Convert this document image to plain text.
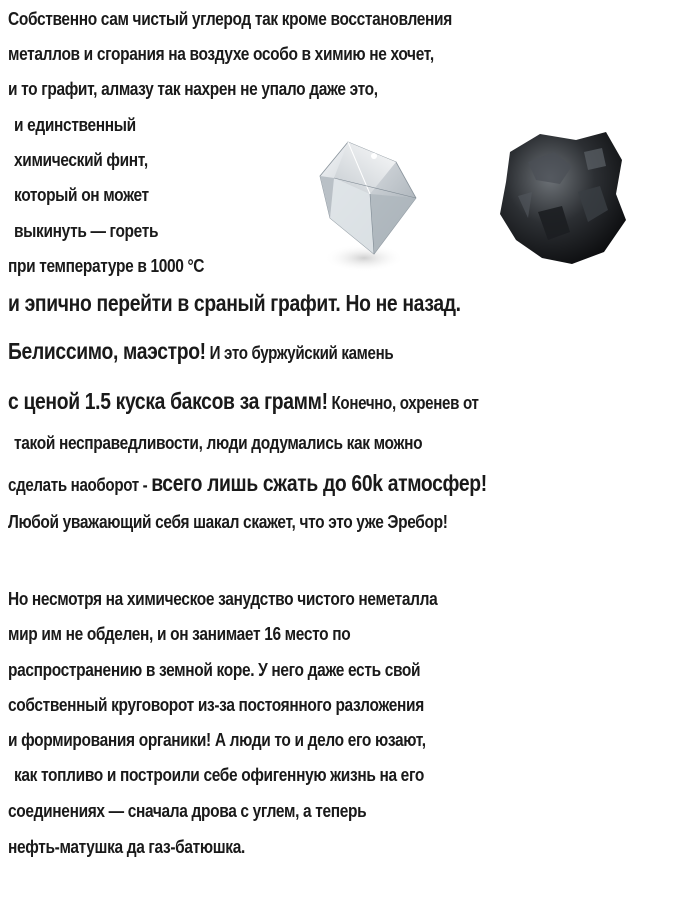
Собственно сам чистый углерод так кроме восстановления
металлов и сгорания на воздухе особо в химию не хочет,
и то графит, алмазу так нахрен не упало даже это,
и единственный
химический финт,
который он может
выкинуть — гореть
при температуре в 1000 °C
и эпично перейти в сраный графит. Но не назад.
Белиссимо, маэстро! И это буржуйский камень
с ценой 1.5 куска баксов за грамм! Конечно, охренев от
такой несправедливости, люди додумались как можно
сделать наоборот - всего лишь сжать до 60k атмосфер!
Любой уважающий себя шакал скажет, что это уже Эребор!
Но несмотря на химическое занудство чистого неметалла
мир им не обделен, и он занимает 16 место по
распространению в земной коре. У него даже есть свой
собственный круговорот из-за постоянного разложения
и формирования органики! А люди то и дело его юзают,
как топливо и построили себе офигенную жизнь на его
соединениях — сначала дрова с углем, а теперь
нефть-матушка да газ-батюшка.
